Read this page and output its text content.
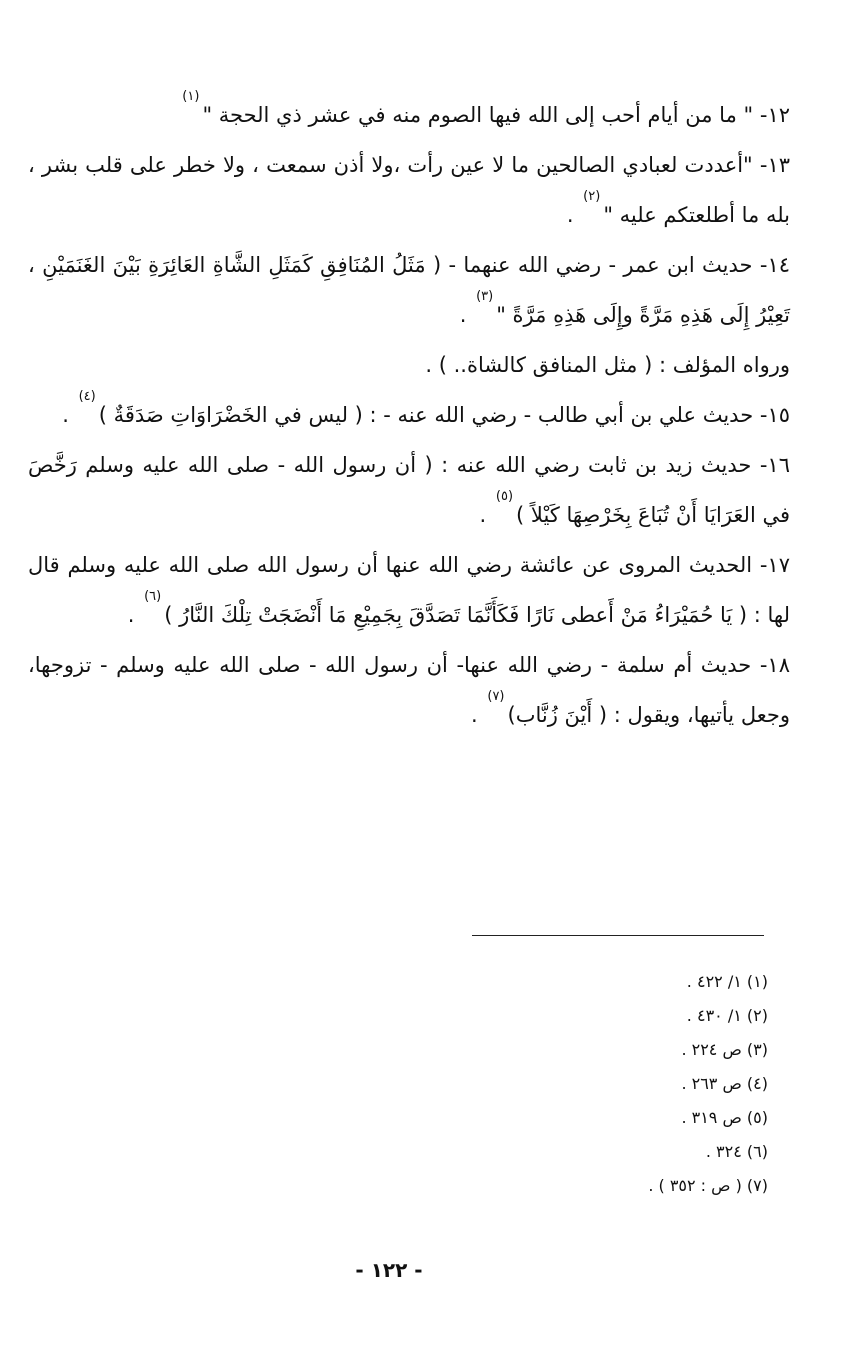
١٢- " ما من أيام أحب إلى الله فيها الصوم منه في عشر ذي الحجة "(١)

١٣- "أعددت لعبادي الصالحين ما لا عين رأت ،ولا أذن سمعت ، ولا خطر على قلب بشر ، بله ما أطلعتكم عليه "(٢) .

١٤- حديث ابن عمر - رضي الله عنهما - ( مَثَلُ المُنَافِقِ كَمَثَلِ الشَّاةِ العَائِرَةِ بَيْنَ الغَنَمَيْنِ ، تَعِيْرُ إِلَى هَذِهِ مَرَّةً وإِلَى هَذِهِ مَرَّةً "(٣) .

ورواه المؤلف : ( مثل المنافق كالشاة.. ) .

١٥- حديث علي بن أبي طالب - رضي الله عنه - : ( ليس في الخَضْرَاوَاتِ صَدَقَةٌ )(٤) .

١٦- حديث زيد بن ثابت رضي الله عنه : ( أن رسول الله - صلى الله عليه وسلم رَخَّصَ في العَرَايَا أَنْ تُبَاعَ بِخَرْصِهَا كَيْلاً )(٥) .

١٧- الحديث المروى عن عائشة رضي الله عنها أن رسول الله صلى الله عليه وسلم قال لها : ( يَا حُمَيْرَاءُ مَنْ أَعطى نَارًا فَكَأَنَّمَا تَصَدَّقَ بِجَمِيْعِ مَا أَنْضَجَتْ تِلْكَ النَّارُ )(٦) .

١٨- حديث أم سلمة - رضي الله عنها- أن رسول الله - صلى الله عليه وسلم - تزوجها، وجعل يأتيها، ويقول : ( أَيْنَ زُنَّاب)(٧) .

(١) ١/ ٤٢٢ .
(٢) ١/ ٤٣٠ .
(٣) ص ٢٢٤ .
(٤) ص ٢٦٣ .
(٥) ص ٣١٩ .
(٦) ٣٢٤ .
(٧) ( ص : ٣٥٢ ) .
- ١٢٢ -
